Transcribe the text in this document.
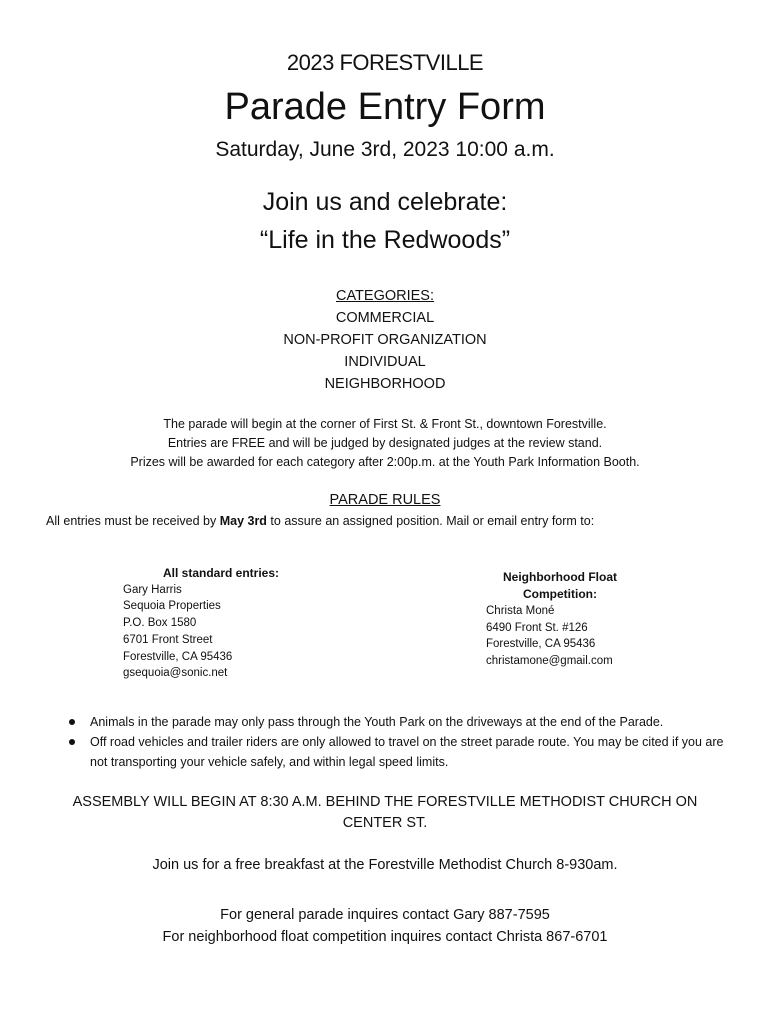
2023 FORESTVILLE
Parade Entry Form
Saturday, June 3rd, 2023 10:00 a.m.
Join us and celebrate:
“Life in the Redwoods”
CATEGORIES:
COMMERCIAL
NON-PROFIT ORGANIZATION
INDIVIDUAL
NEIGHBORHOOD
The parade will begin at the corner of First St. & Front St., downtown Forestville.
Entries are FREE and will be judged by designated judges at the review stand.
Prizes will be awarded for each category after 2:00p.m. at the Youth Park Information Booth.
PARADE RULES
All entries must be received by May 3rd to assure an assigned position. Mail or email entry form to:
All standard entries:
Gary Harris
Sequoia Properties
P.O. Box 1580
6701 Front Street
Forestville, CA 95436
gsequoia@sonic.net
Neighborhood Float
Competition:
Christa Moné
6490 Front St. #126
Forestville, CA 95436
christamone@gmail.com
Animals in the parade may only pass through the Youth Park on the driveways at the end of the Parade.
Off road vehicles and trailer riders are only allowed to travel on the street parade route. You may be cited if you are not transporting your vehicle safely, and within legal speed limits.
ASSEMBLY WILL BEGIN AT 8:30 A.M. BEHIND THE FORESTVILLE METHODIST CHURCH ON
CENTER ST.
Join us for a free breakfast at the Forestville Methodist Church 8-930am.
For general parade inquires contact Gary 887-7595
For neighborhood float competition inquires contact Christa 867-6701
